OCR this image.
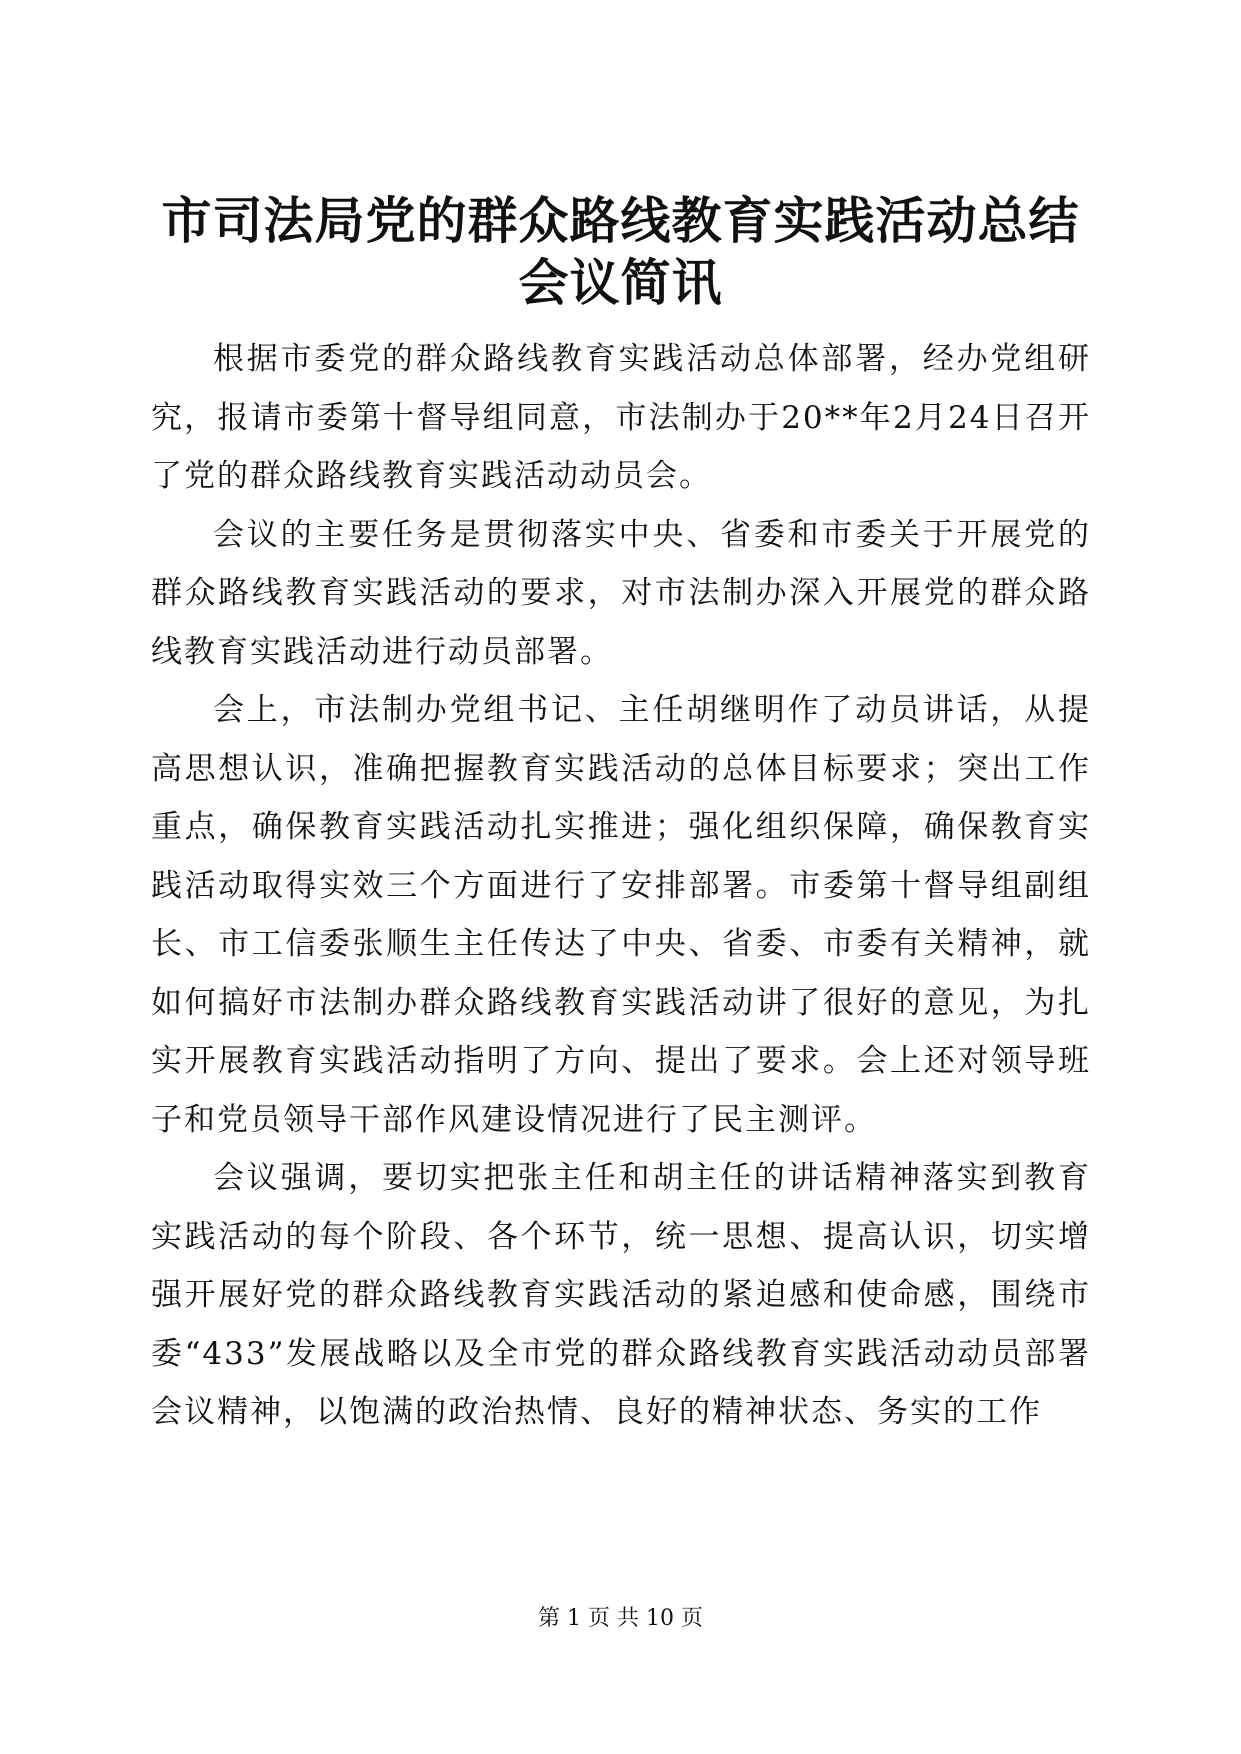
市司法局党的群众路线教育实践活动总结会议简讯

根据市委党的群众路线教育实践活动总体部署，经办党组研究，报请市委第十督导组同意，市法制办于20**年2月24日召开了党的群众路线教育实践活动动员会。

会议的主要任务是贯彻落实中央、省委和市委关于开展党的群众路线教育实践活动的要求，对市法制办深入开展党的群众路线教育实践活动进行动员部署。

会上，市法制办党组书记、主任胡继明作了动员讲话，从提高思想认识，准确把握教育实践活动的总体目标要求；突出工作重点，确保教育实践活动扎实推进；强化组织保障，确保教育实践活动取得实效三个方面进行了安排部署。市委第十督导组副组长、市工信委张顺生主任传达了中央、省委、市委有关精神，就如何搞好市法制办群众路线教育实践活动讲了很好的意见，为扎实开展教育实践活动指明了方向、提出了要求。会上还对领导班子和党员领导干部作风建设情况进行了民主测评。

会议强调，要切实把张主任和胡主任的讲话精神落实到教育实践活动的每个阶段、各个环节，统一思想、提高认识，切实增强开展好党的群众路线教育实践活动的紧迫感和使命感，围绕市委“433”发展战略以及全市党的群众路线教育实践活动动员部署会议精神，以饱满的政治热情、良好的精神状态、务实的工作

第 1 页 共 10 页
